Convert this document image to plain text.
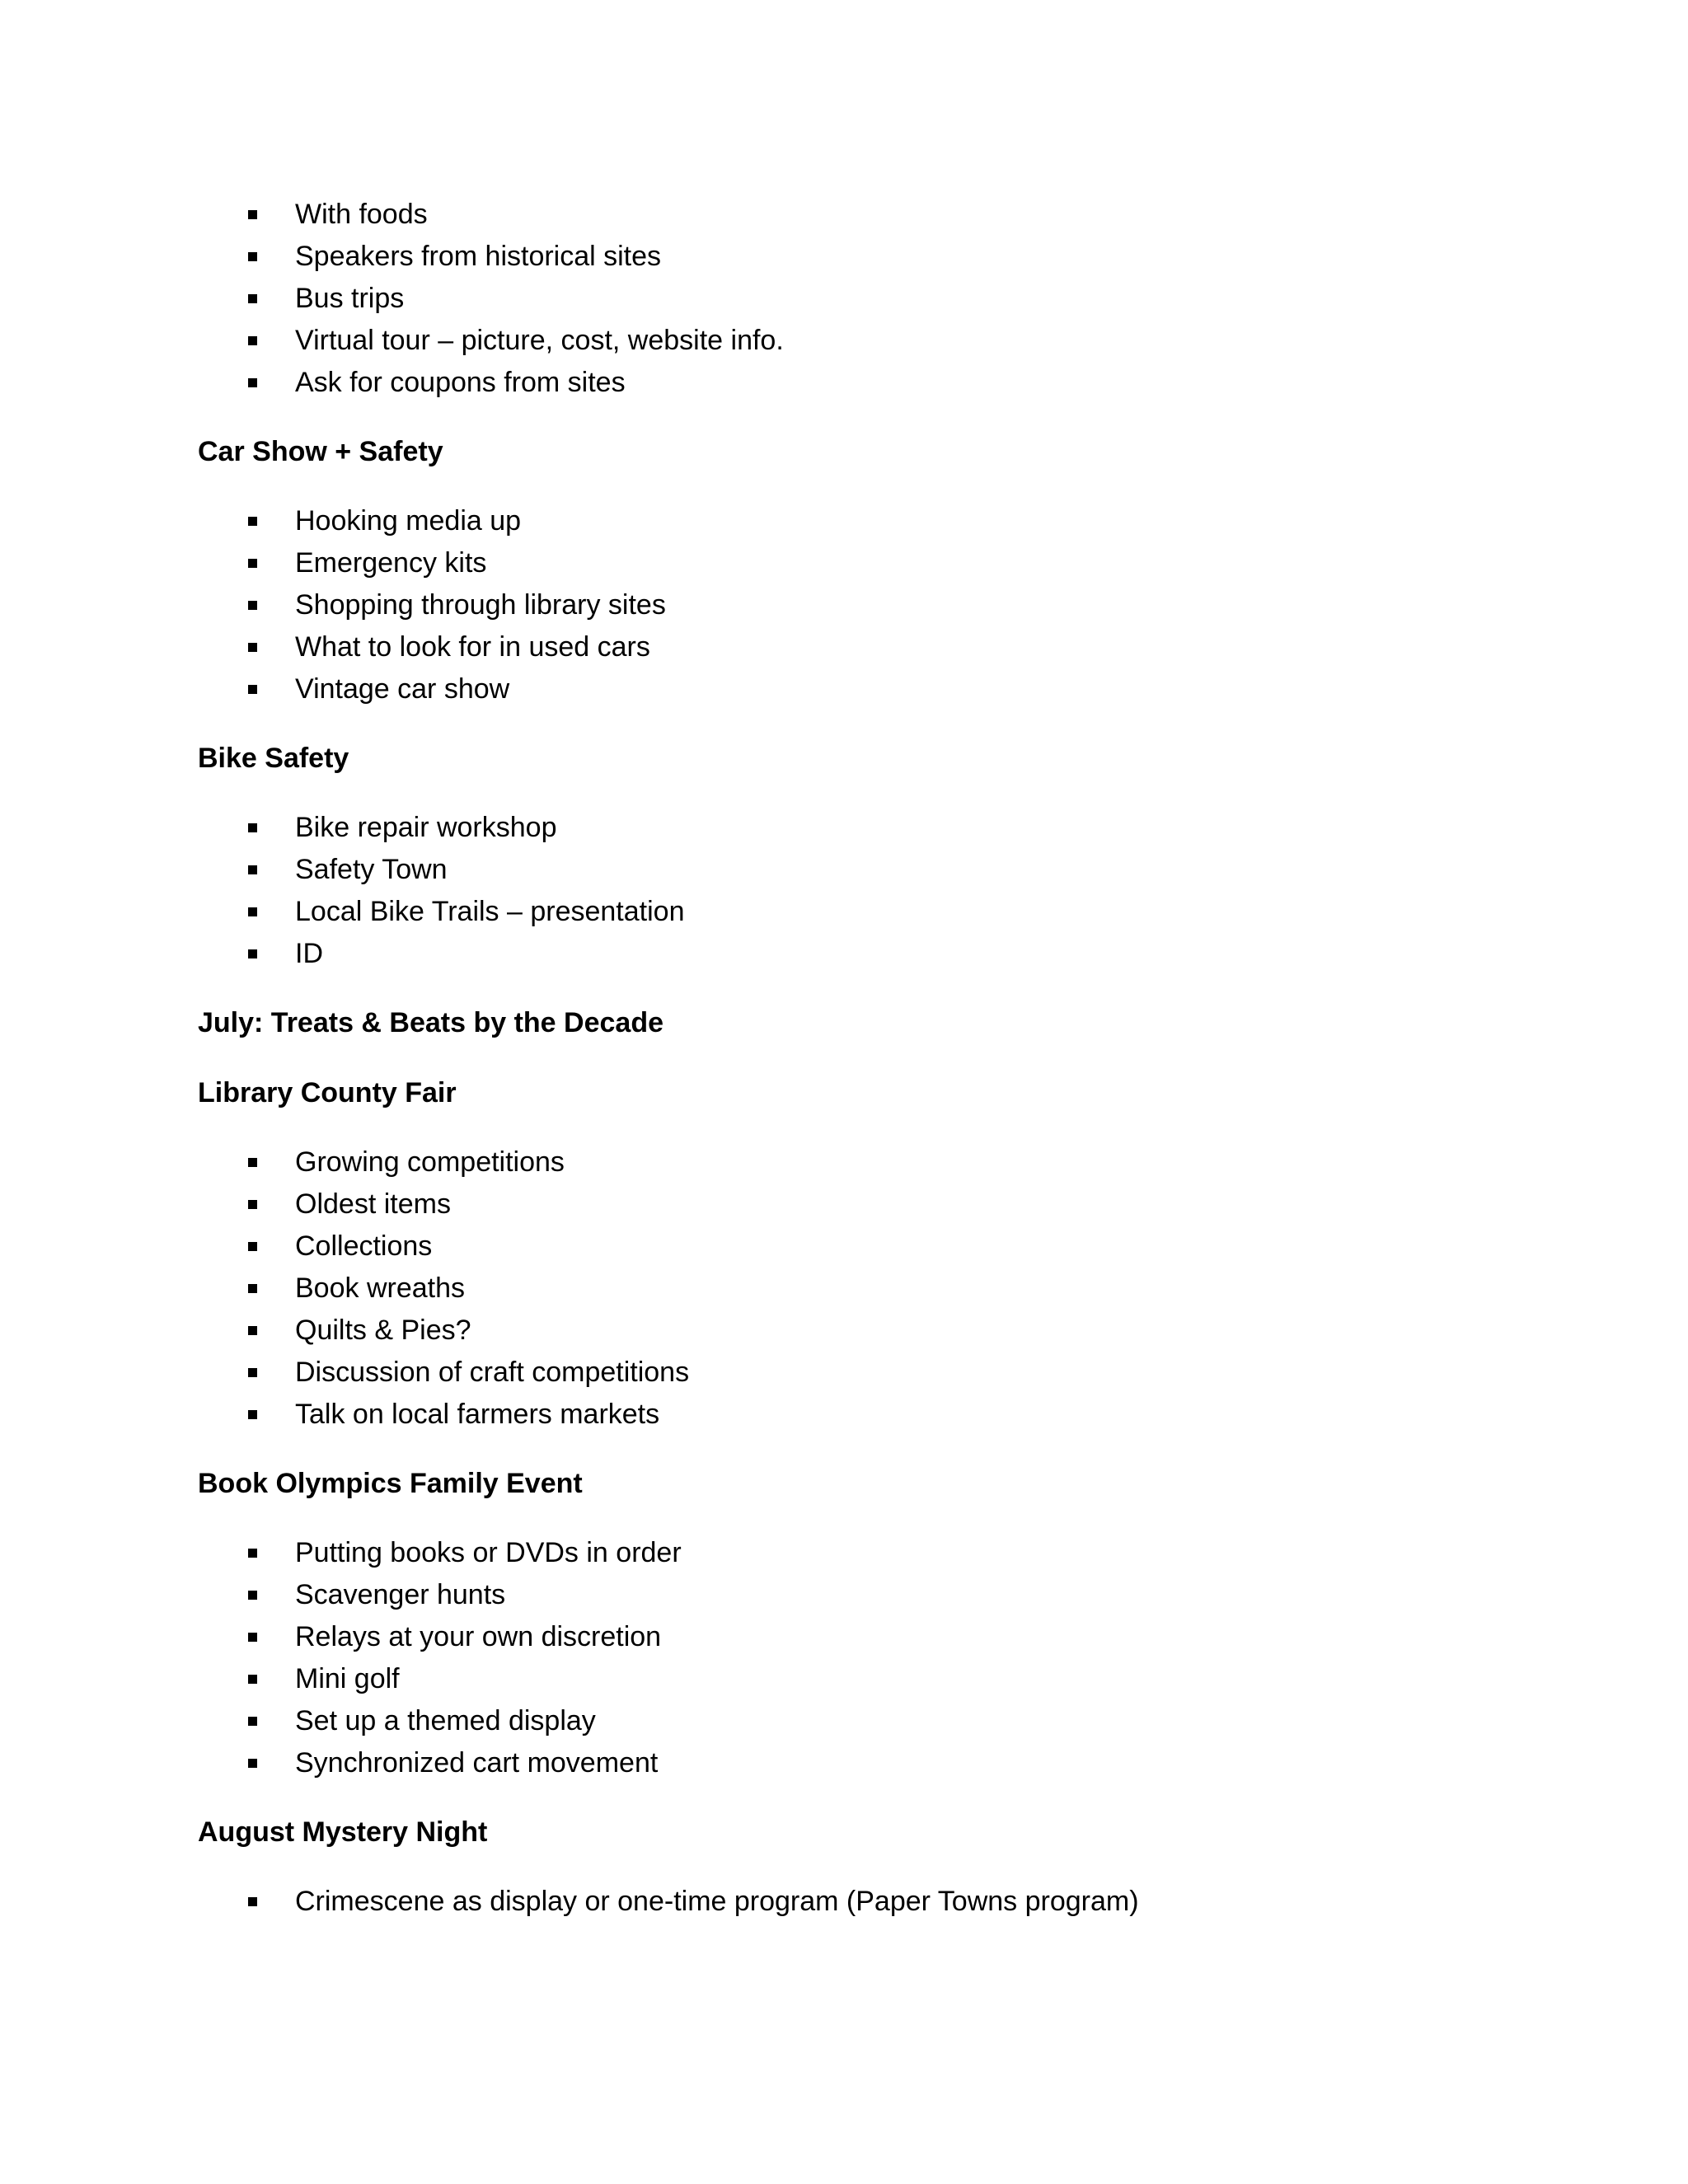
With foods
Speakers from historical sites
Bus trips
Virtual tour – picture, cost, website info.
Ask for coupons from sites
Car Show + Safety
Hooking media up
Emergency kits
Shopping through library sites
What to look for in used cars
Vintage car show
Bike Safety
Bike repair workshop
Safety Town
Local Bike Trails – presentation
ID
July: Treats & Beats by the Decade
Library County Fair
Growing competitions
Oldest items
Collections
Book wreaths
Quilts & Pies?
Discussion of craft competitions
Talk on local farmers markets
Book Olympics Family Event
Putting books or DVDs in order
Scavenger hunts
Relays at your own discretion
Mini golf
Set up a themed display
Synchronized cart movement
August Mystery Night
Crimescene as display or one-time program (Paper Towns program)
